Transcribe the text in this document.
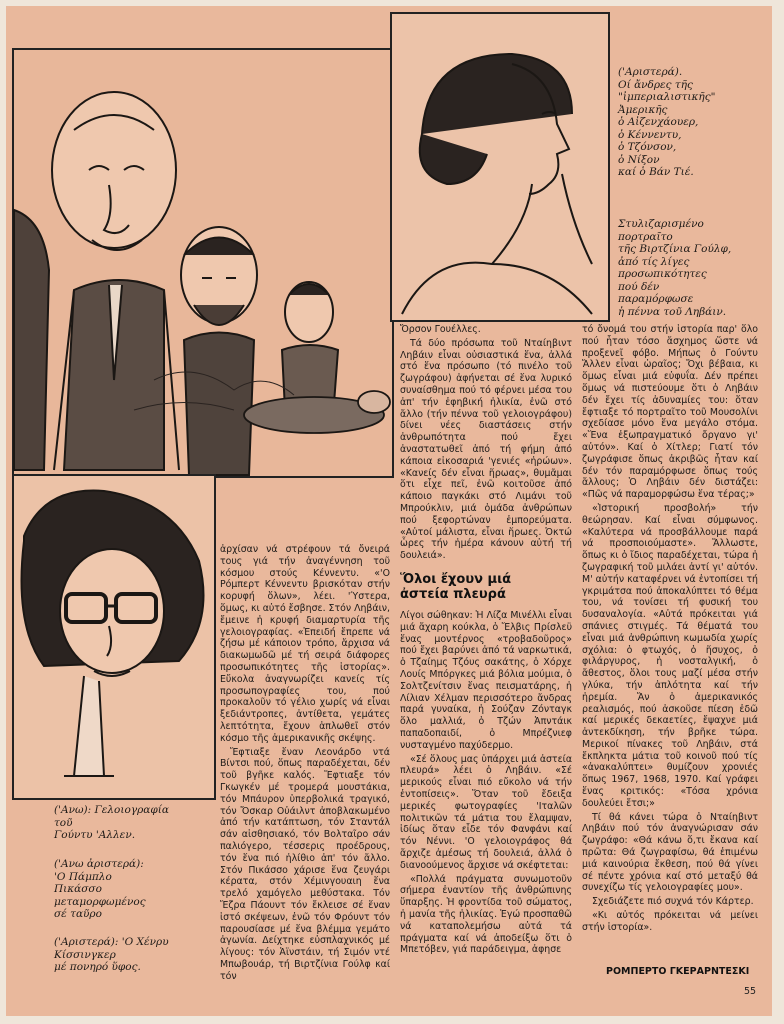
('Αριστερά).
Οί ἄνδρες τῆς
"ἰμπεριαλιστικῆς"
Ἀμερικῆς
ὁ Αἰζενχάουερ,
ὁ Κέννεντυ,
ὁ Τζόνσον,
ὁ Νίξον
καί ὁ Βάν Τιέ.
Στυλιζαρισμένο
πορτραῖτο
τῆς Βιρτζίνια Γούλφ,
ἀπό τίς λίγες
προσωπικότητες
πού δέν
παραμόρφωσε
ἡ πέννα τοῦ Ληβάιν.
('Ανω): Γελοιογραφία
τοῦ
Γούντυ 'Αλλεν.
('Ανω ἀριστερά):
'Ο Πάμπλο
Πικάσσο
μεταμορφωμένος
σέ ταῦρο
('Αριστερά): 'Ο Χένρυ
Κίσσινγκερ
μέ πονηρό ὕφος.

ἀρχίσαν νά στρέφουν τά ὄνειρά τους γιά τήν ἀναγέννηση τοῦ κόσμου στούς Κέννεντυ. «'Ο Ρόμπερτ Κέννεντυ βρισκόταν στήν κορυφή ὅλων», λέει. 'Ύστερα, ὅμως, κι αὐτό ἔσβησε. Στόν Ληβάιν, ἔμεινε ἡ κρυφή διαμαρτυρία τῆς γελοιογραφίας. «Ἐπειδή ἔπρεπε νά ζήσω μέ κάποιον τρόπο, ἄρχισα νά διακωμωδῶ μέ τή σειρά διάφορες προσωπικότητες τῆς ἱστορίας». Εὔκολα ἀναγνωρίζει κανείς τίς προσωπογραφίες του, πού προκαλοῦν τό γέλιο χωρίς νά εἶναι ξεδιάντροπες, ἀντίθετα, γεμάτες λεπτότητα, ἔχουν ἁπλωθεῖ στόν κόσμο τῆς ἀμερικανικῆς σκέψης.

Ἔφτιαξε ἕναν Λεονάρδο ντά Βίντσι πού, ὅπως παραδέχεται, δέν τοῦ βγῆκε καλός. Ἔφτιαξε τόν Γκωγκέν μέ τρομερά μουστάκια, τόν Μπάυρον ὑπερβολικά τραγικό, τόν Ὄσκαρ Οὐάιλντ ἀποβλακωμένο ἀπό τήν κατάπτωση, τόν Σταντάλ σάν αἰσθησιακό, τόν Βολταῖρο σάν παλιόγερο, τέσσερις προέδρους, τόν ἕνα πιό ἠλίθιο ἀπ' τόν ἄλλο. Στόν Πικάσσο χάρισε ἕνα ζευγάρι κέρατα, στόν Χέμινγουαιη ἕνα τρελό χαμόγελο μεθύστακα. Τόν Ἔζρα Πάουντ τόν ἔκλεισε σέ ἕναν ἱστό σκέψεων, ἐνῶ τόν Φρόυντ τόν παρουσίασε μέ ἕνα βλέμμα γεμάτο ἀγωνία. Δείχτηκε εὐσπλαχνικός μέ λίγους: τόν Ἀϊνστάιν, τή Σιμόν ντέ Μπωβουάρ, τή Βιρτζίνια Γούλφ καί τόν

Ὄρσον Γουέλλες.

Τά δύο πρόσωπα τοῦ Νταίηβιντ Ληβάιν εἶναι οὐσιαστικά ἕνα, ἀλλά στό ἕνα πρόσωπο (τό πινέλο τοῦ ζωγράφου) ἀφήνεται σέ ἕνα λυρικό συναίσθημα πού τό φέρνει μέσα του ἀπ' τήν ἐφηβική ἡλικία, ἐνῶ στό ἄλλο (τήν πέννα τοῦ γελοιογράφου) δίνει νέες διαστάσεις στήν ἀνθρωπότητα πού ἔχει ἀναστατωθεῖ ἀπό τή φήμη ἀπό κάποια εἰκοσαριά 'γενιές «ἡρώων». «Κανείς δέν εἶναι ἥρωας», θυμᾶμαι ὅτι εἶχε πεῖ, ἐνῶ κοιτοῦσε ἀπό κάποιο παγκάκι στό Λιμάνι τοῦ Μπρούκλιν, μιά ὁμάδα ἀνθρώπων πού ξεφορτώναν ἐμπορεύματα. «Αὐτοί μάλιστα, εἶναι ἥρωες. Ὀκτώ ὧρες τήν ἡμέρα κάνουν αὐτή τή δουλειά».

Ὅλοι ἔχουν μιά
ἀστεία πλευρά

Λίγοι σώθηκαν: Ἡ Λίζα Μινέλλι εἶναι μιά ἄχαρη κούκλα, ὁ Ἔλβις Πρίσλεϋ ἕνας μοντέρνος «τροβαδοῦρος» πού ἔχει βαρύνει ἀπό τά ναρκωτικά, ὁ Τζαίημς Τζόυς σακάτης, ὁ Χόρχε Λουίς Μπόργκες μιά βόλια μούμια, ὁ Σολτζενίτσιν ἕνας πεισματάρης, ἡ Λίλιαν Χέλμαν περισσότερο ἄνδρας παρά γυναίκα, ἡ Σούζαν Ζόνταγκ ὅλο μαλλιά, ὁ Τζών Ἀπντάικ παπαδοπαιδί, ὁ Μπρέζνιεφ νυσταγμένο παχύδερμο.

«Σέ ὅλους μας ὑπάρχει μιά ἀστεία πλευρά» λέει ὁ Ληβάιν. «Σέ μερικούς εἶναι πιό εὔκολο νά τήν ἐντοπίσεις». Ὅταν τοῦ ἔδειξα μερικές φωτογραφίες 'Ιταλῶν πολιτικῶν τά μάτια του ἔλαμψαν, ἰδίως ὅταν εἶδε τόν Φανφάνι καί τόν Νέννι. 'Ο γελοιογράφος θά ἄρχιζε ἀμέσως τή δουλειά, ἀλλά ὁ διανοούμενος ἄρχισε νά σκέφτεται:

«Πολλά πράγματα συνωμοτοῦν σήμερα ἐναντίον τῆς ἀνθρώπινης ὕπαρξης. Ἡ φροντίδα τοῦ σώματος, ἡ μανία τῆς ἡλικίας. Ἐγώ προσπαθῶ νά καταπολεμήσω αὐτά τά πράγματα καί νά ἀποδείξω ὅτι ὁ Μπετόβεν, γιά παράδειγμα, ἀφησε

τό ὄνομά του στήν ἱστορία παρ' ὅλο πού ἦταν τόσο ἄσχημος ὥστε νά προξενεῖ φόβο. Μήπως ὁ Γούντυ Ἄλλεν εἶναι ὡραῖος; Ὄχι βέβαια, κι ὅμως εἶναι μιά εὐφυΐα. Δέν πρέπει ὅμως νά πιστεύουμε ὅτι ὁ Ληβάιν δέν ἔχει τίς ἀδυναμίες του: ὅταν ἔφτιαξε τό πορτραῖτο τοῦ Μουσολίνι σχεδίασε μόνο ἕνα μεγάλο στόμα. «Ἕνα ἐξωπραγματικό ὄργανο γι' αὐτόν». Καί ὁ Χίτλερ; Γιατί τόν ζωγράφισε ὅπως ἀκριβῶς ἦταν καί δέν τόν παραμόρφωσε ὅπως τούς ἄλλους; Ὁ Ληβάιν δέν διστάζει: «Πῶς νά παραμορφώσω ἕνα τέρας;»

«Ἱστορική προσβολή» τήν θεώρησαν. Καί εἶναι σύμφωνος. «Καλύτερα νά προσβάλλουμε παρά νά προσποιούμαστε». Ἄλλωστε, ὅπως κι ὁ ἴδιος παραδέχεται, τώρα ἡ ζωγραφική τοῦ μιλάει ἀντί γι' αὐτόν. Μ' αὐτήν καταφέρνει νά ἐντοπίσει τή γκριμάτσα πού ἀποκαλύπτει τό θέμα του, νά τονίσει τή φυσική του δυσαναλογία. «Αὐτά πρόκειται γιά σπάνιες στιγμές. Τά θέματά του εἶναι μιά ἀνθρώπινη κωμωδία χωρίς σχόλια: ὁ φτωχός, ὁ ἥσυχος, ὁ φιλάργυρος, ἡ νοσταλγική, ὁ ἄθεστος, ὅλοι τους μαζί μέσα στήν γλύκα, τήν ἁπλότητα καί τήν ἠρεμία. Ἄν ὁ ἀμερικανικός ρεαλισμός, πού ἀσκοῦσε πίεση ἐδῶ καί μερικές δεκαετίες, ἔψαχνε μιά ἀντεκδίκηση, τήν βρῆκε τώρα. Μερικοί πίνακες τοῦ Ληβάιν, στά ἔκπληκτα μάτια τοῦ κοινοῦ πού τίς «ἀνακαλύπτει» θυμίζουν χρονιές ὅπως 1967, 1968, 1970. Καί γράφει ἕνας κριτικός: «Τόσα χρόνια δουλεύει ἔτσι;»

Τί θά κάνει τώρα ὁ Νταίηβιντ Ληβάιν πού τόν ἀναγνώρισαν σάν ζωγράφο: «Θά κάνω ὅ,τι ἔκανα καί πρῶτα: Θά ζωγραφίσω, θά ἐπιμένω μιά καινούρια ἔκθεση, πού θά γίνει σέ πέντε χρόνια καί στό μεταξύ θά συνεχίζω τίς γελοιογραφίες μου».

Σχεδιάζετε πιό συχνά τόν Κάρτερ.

«Κι αὐτός πρόκειται νά μείνει στήν ἱστορία».

ΡΟΜΠΕΡΤΟ ΓΚΕΡΑΡΝΤΕΣΚΙ
55
